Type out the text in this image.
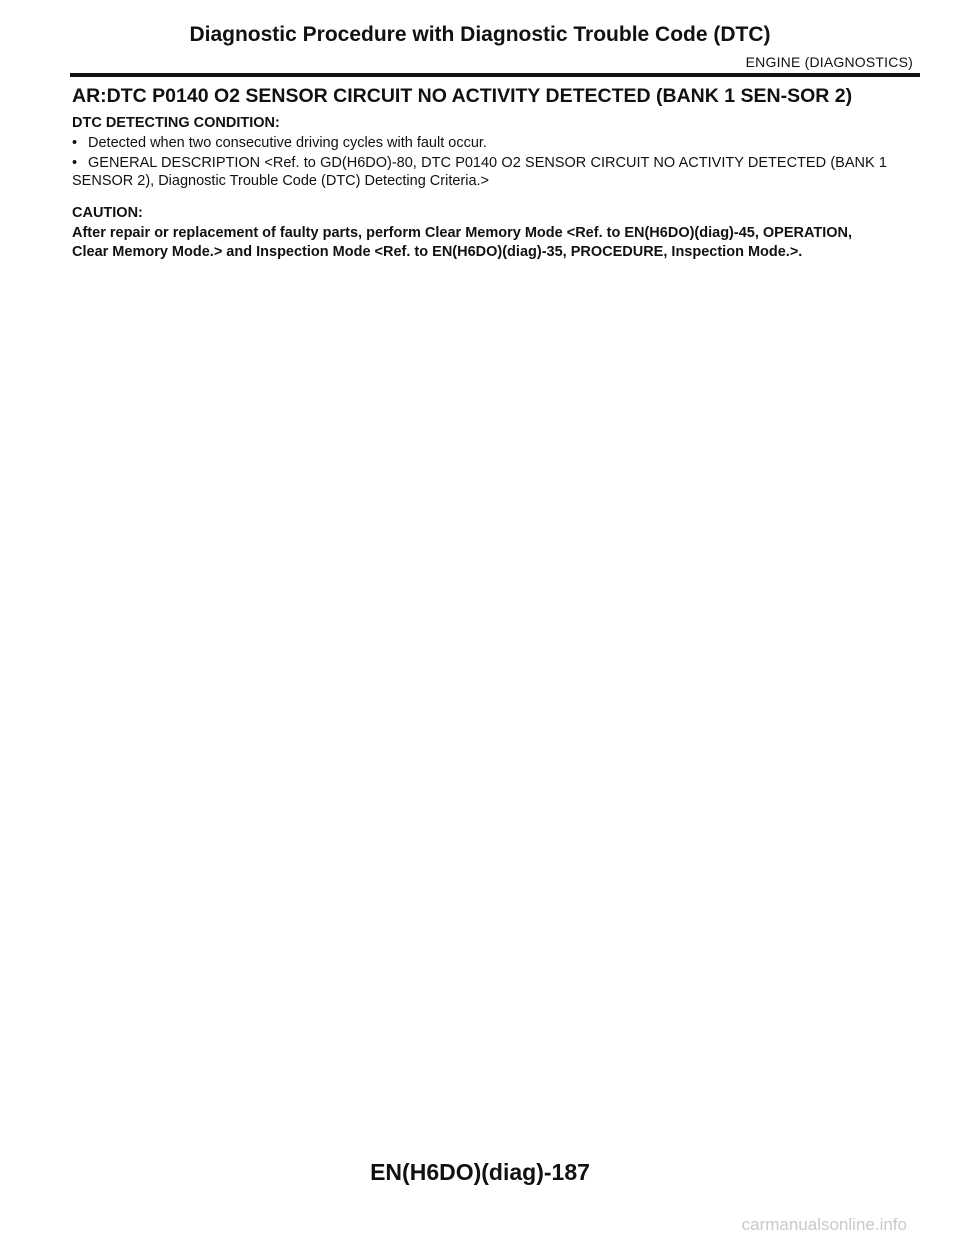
Diagnostic Procedure with Diagnostic Trouble Code (DTC)
ENGINE (DIAGNOSTICS)
AR:DTC P0140 O2 SENSOR CIRCUIT NO ACTIVITY DETECTED (BANK 1 SEN-SOR 2)

DTC DETECTING CONDITION:

• Detected when two consecutive driving cycles with fault occur.

• GENERAL DESCRIPTION <Ref. to GD(H6DO)-80, DTC P0140 O2 SENSOR CIRCUIT NO ACTIVITY DETECTED (BANK 1 SENSOR 2), Diagnostic Trouble Code (DTC) Detecting Criteria.>

CAUTION:

After repair or replacement of faulty parts, perform Clear Memory Mode <Ref. to EN(H6DO)(diag)-45, OPERATION, Clear Memory Mode.> and Inspection Mode <Ref. to EN(H6DO)(diag)-35, PROCEDURE, Inspection Mode.>.

EN(H6DO)(diag)-187
carmanualsonline.info
